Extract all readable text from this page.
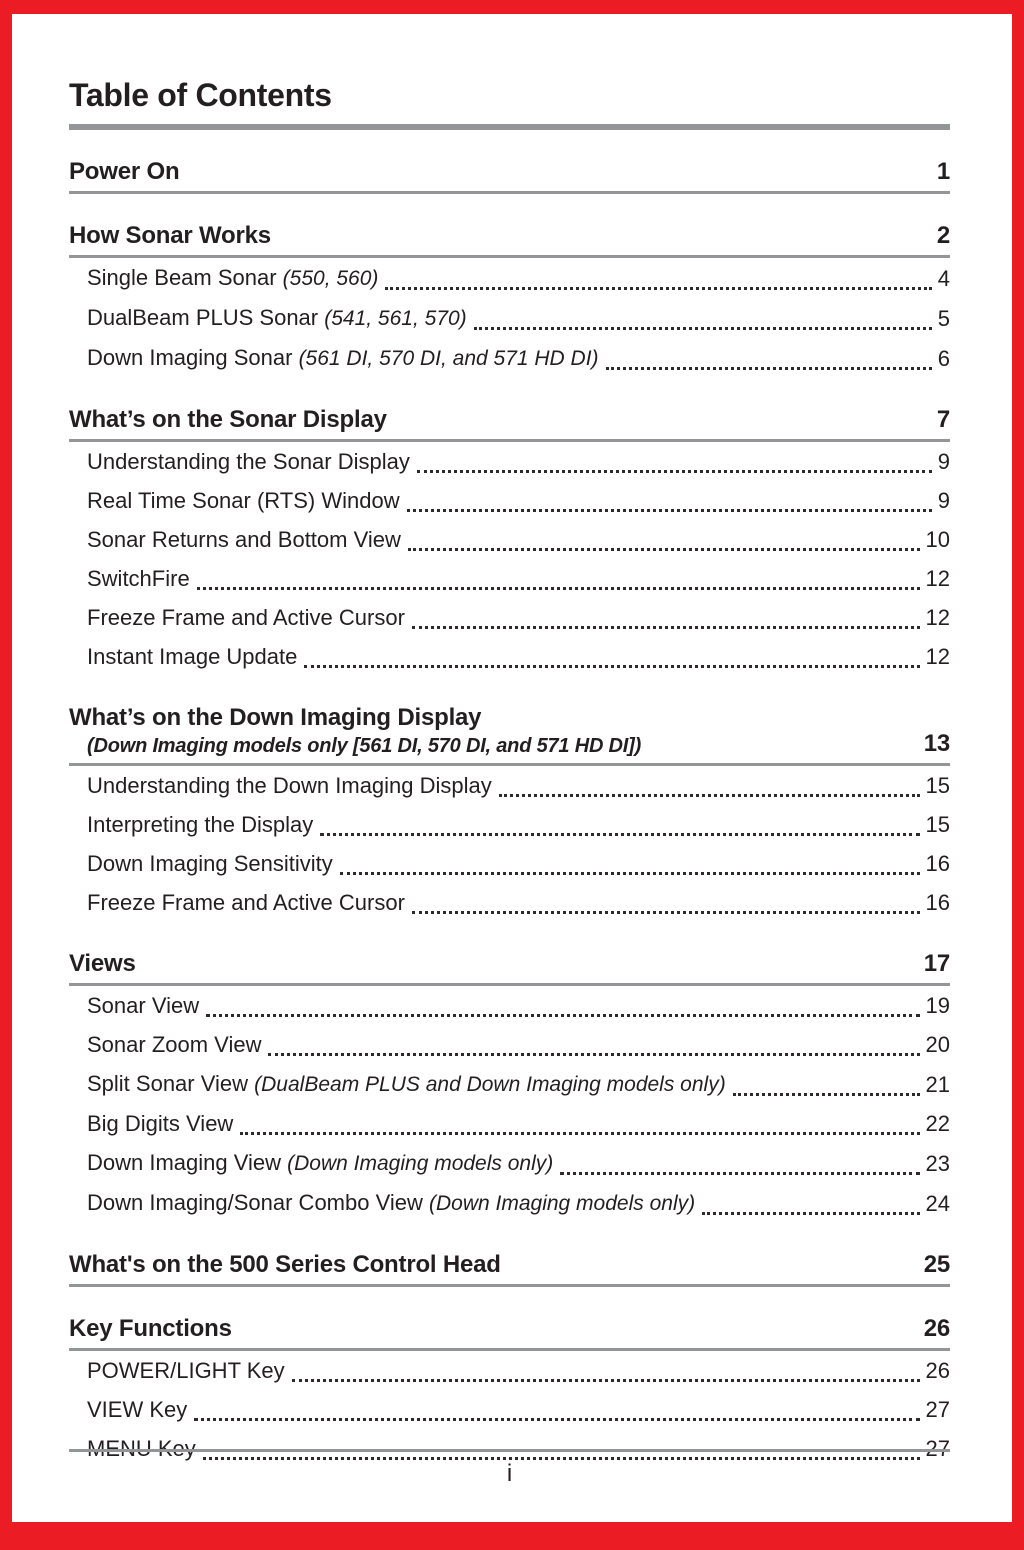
Table of Contents
Power On	1
How Sonar Works	2
Single Beam Sonar (550, 560)	4
DualBeam PLUS Sonar (541, 561, 570)	5
Down Imaging Sonar (561 DI, 570 DI, and 571 HD DI)	6
What’s on the Sonar Display	7
Understanding the Sonar Display	9
Real Time Sonar (RTS) Window	9
Sonar Returns and Bottom View	10
SwitchFire	12
Freeze Frame and Active Cursor	12
Instant Image Update	12
What’s on the Down Imaging Display
(Down Imaging models only [561 DI, 570 DI, and 571 HD DI])	13
Understanding the Down Imaging Display	15
Interpreting the Display	15
Down Imaging Sensitivity	16
Freeze Frame and Active Cursor	16
Views	17
Sonar View	19
Sonar Zoom View	20
Split Sonar View (DualBeam PLUS and Down Imaging models only)	21
Big Digits View	22
Down Imaging View (Down Imaging models only)	23
Down Imaging/Sonar Combo View (Down Imaging models only)	24
What's on the 500 Series Control Head	25
Key Functions	26
POWER/LIGHT Key	26
VIEW Key	27
MENU Key	27
i
